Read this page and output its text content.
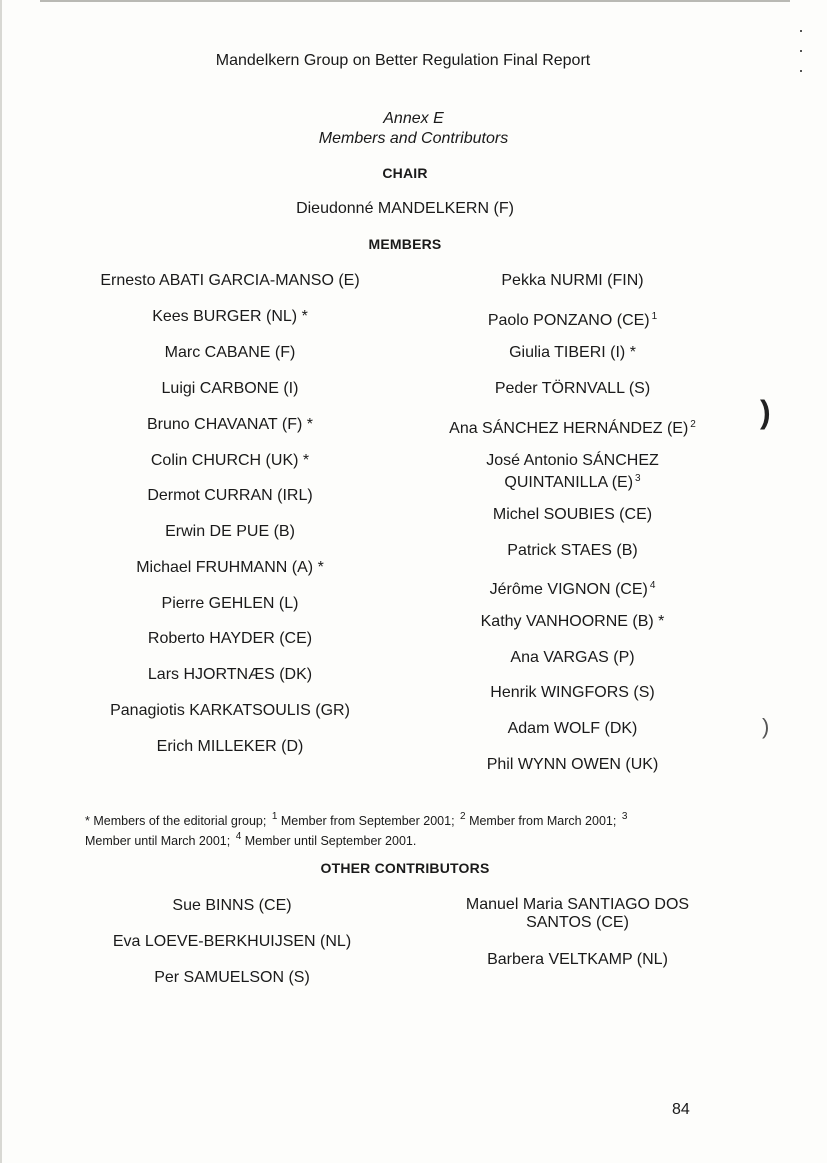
Mandelkern Group on Better Regulation Final Report
Annex E
Members and Contributors
CHAIR
Dieudonné MANDELKERN (F)
MEMBERS
Ernesto ABATI GARCIA-MANSO (E)
Kees BURGER (NL) *
Marc CABANE (F)
Luigi CARBONE (I)
Bruno CHAVANAT (F) *
Colin CHURCH (UK) *
Dermot CURRAN (IRL)
Erwin DE PUE (B)
Michael FRUHMANN (A) *
Pierre GEHLEN (L)
Roberto HAYDER (CE)
Lars HJORTNÆS (DK)
Panagiotis KARKATSOULIS (GR)
Erich MILLEKER (D)
Pekka NURMI (FIN)
Paolo PONZANO (CE) $^1$
Giulia TIBERI (I) *
Peder TÖRNVALL (S)
Ana SÁNCHEZ HERNÁNDEZ (E) $^2$
José Antonio SÁNCHEZ
QUINTANILLA (E) $^3$
Michel SOUBIES (CE)
Patrick STAES (B)
Jérôme VIGNON (CE) $^4$
Kathy VANHOORNE (B) *
Ana VARGAS (P)
Henrik WINGFORS (S)
Adam WOLF (DK)
Phil WYNN OWEN (UK)
* Members of the editorial group; $^1$ Member from September 2001; $^2$ Member from March 2001; $^3$
Member until March 2001; $^4$ Member until September 2001.
OTHER CONTRIBUTORS
Sue BINNS (CE)
Eva LOEVE-BERKHUIJSEN (NL)
Per SAMUELSON (S)
Manuel Maria SANTIAGO DOS
SANTOS (CE)
Barbera VELTKAMP (NL)
84
)
)
